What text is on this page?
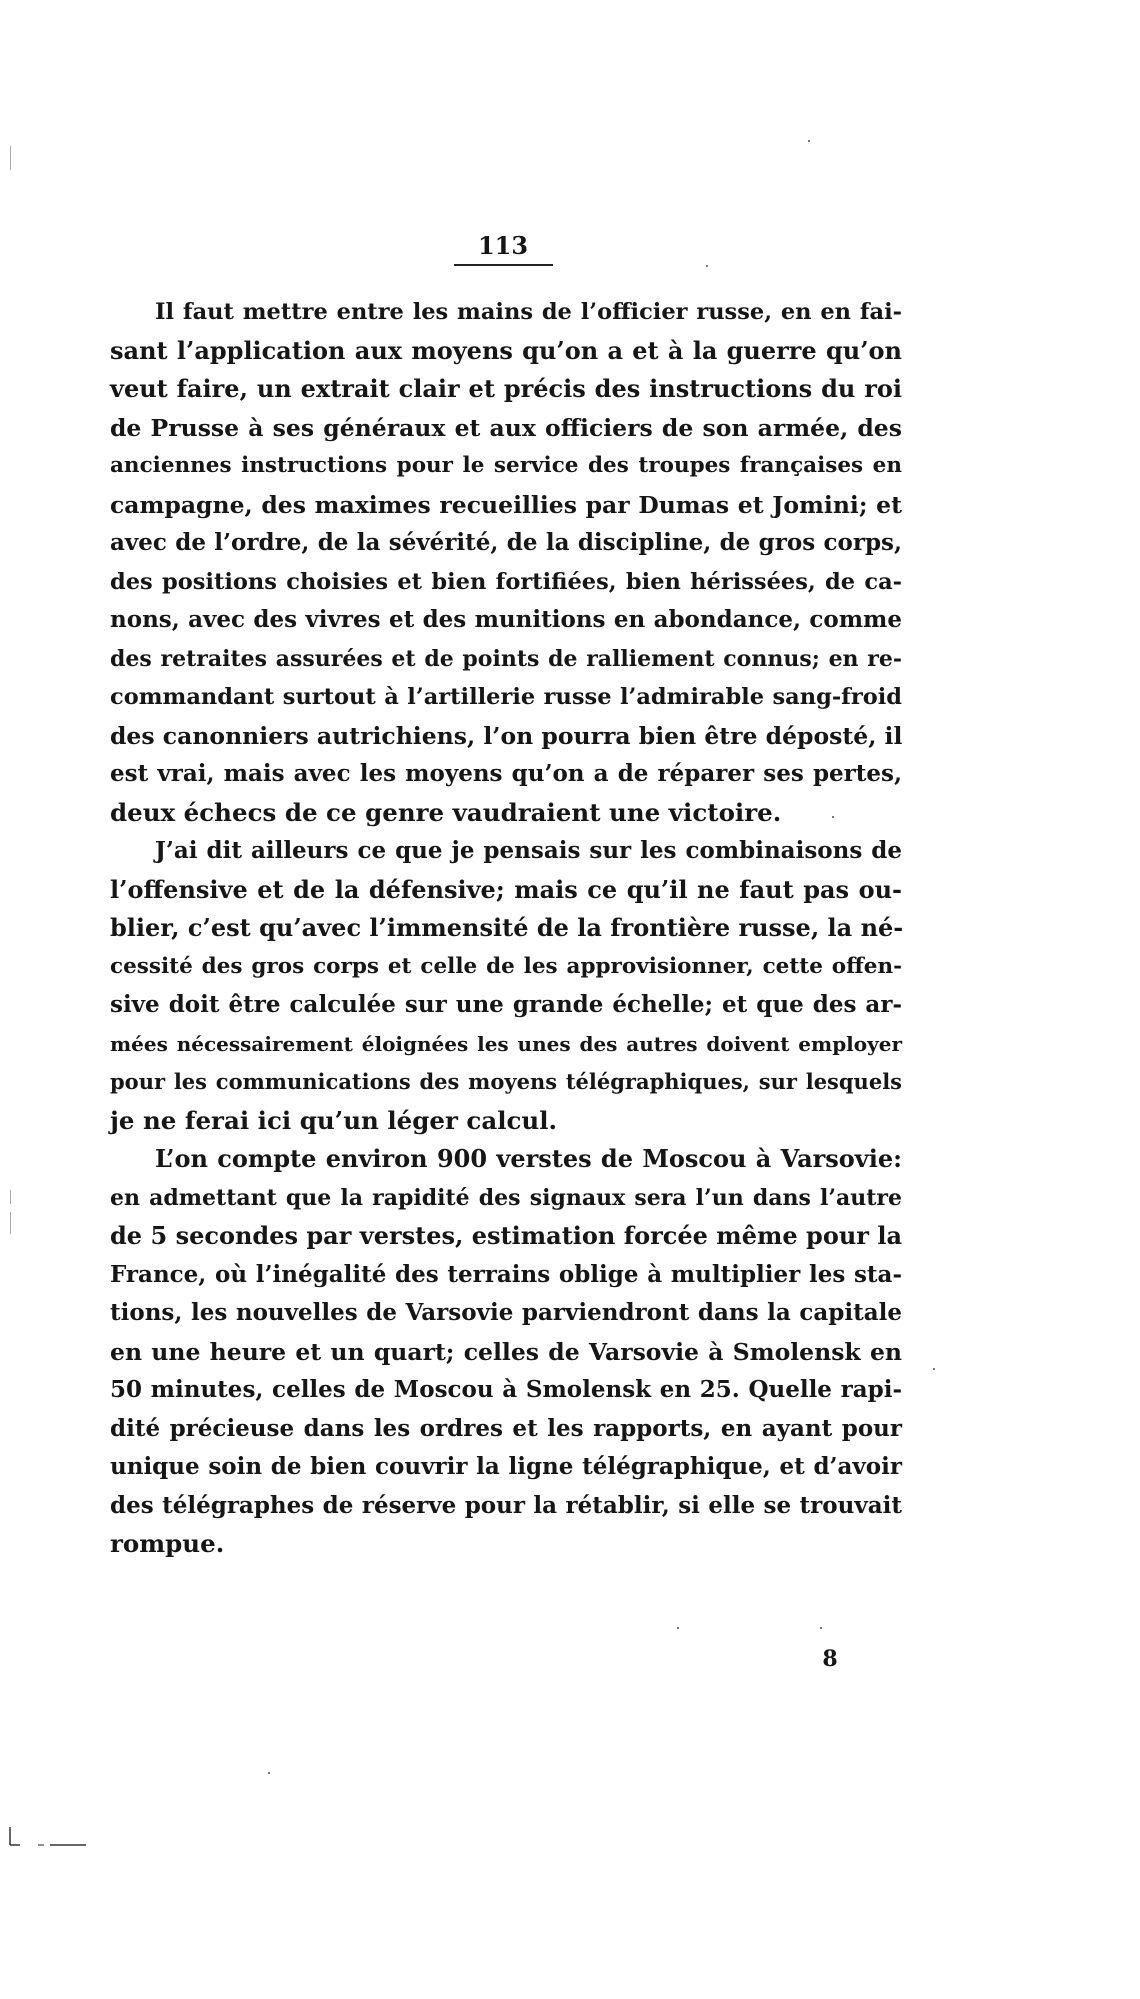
113
Il faut mettre entre les mains de l’officier russe, en en fai-
sant l’application aux moyens qu’on a et à la guerre qu’on
veut faire, un extrait clair et précis des instructions du roi
de Prusse à ses généraux et aux officiers de son armée, des
anciennes instructions pour le service des troupes françaises en
campagne, des maximes recueillies par Dumas et Jomini; et
avec de l’ordre, de la sévérité, de la discipline, de gros corps,
des positions choisies et bien fortifiées, bien hérissées, de ca-
nons, avec des vivres et des munitions en abondance, comme
des retraites assurées et de points de ralliement connus; en re-
commandant surtout à l’artillerie russe l’admirable sang-froid
des canonniers autrichiens, l’on pourra bien être déposté, il
est vrai, mais avec les moyens qu’on a de réparer ses pertes,
deux échecs de ce genre vaudraient une victoire.
J’ai dit ailleurs ce que je pensais sur les combinaisons de
l’offensive et de la défensive; mais ce qu’il ne faut pas ou-
blier, c’est qu’avec l’immensité de la frontière russe, la né-
cessité des gros corps et celle de les approvisionner, cette offen-
sive doit être calculée sur une grande échelle; et que des ar-
mées nécessairement éloignées les unes des autres doivent employer
pour les communications des moyens télégraphiques, sur lesquels
je ne ferai ici qu’un léger calcul.
L’on compte environ 900 verstes de Moscou à Varsovie:
en admettant que la rapidité des signaux sera l’un dans l’autre
de 5 secondes par verstes, estimation forcée même pour la
France, où l’inégalité des terrains oblige à multiplier les sta-
tions, les nouvelles de Varsovie parviendront dans la capitale
en une heure et un quart; celles de Varsovie à Smolensk en
50 minutes, celles de Moscou à Smolensk en 25. Quelle rapi-
dité précieuse dans les ordres et les rapports, en ayant pour
unique soin de bien couvrir la ligne télégraphique, et d’avoir
des télégraphes de réserve pour la rétablir, si elle se trouvait
rompue.
8
